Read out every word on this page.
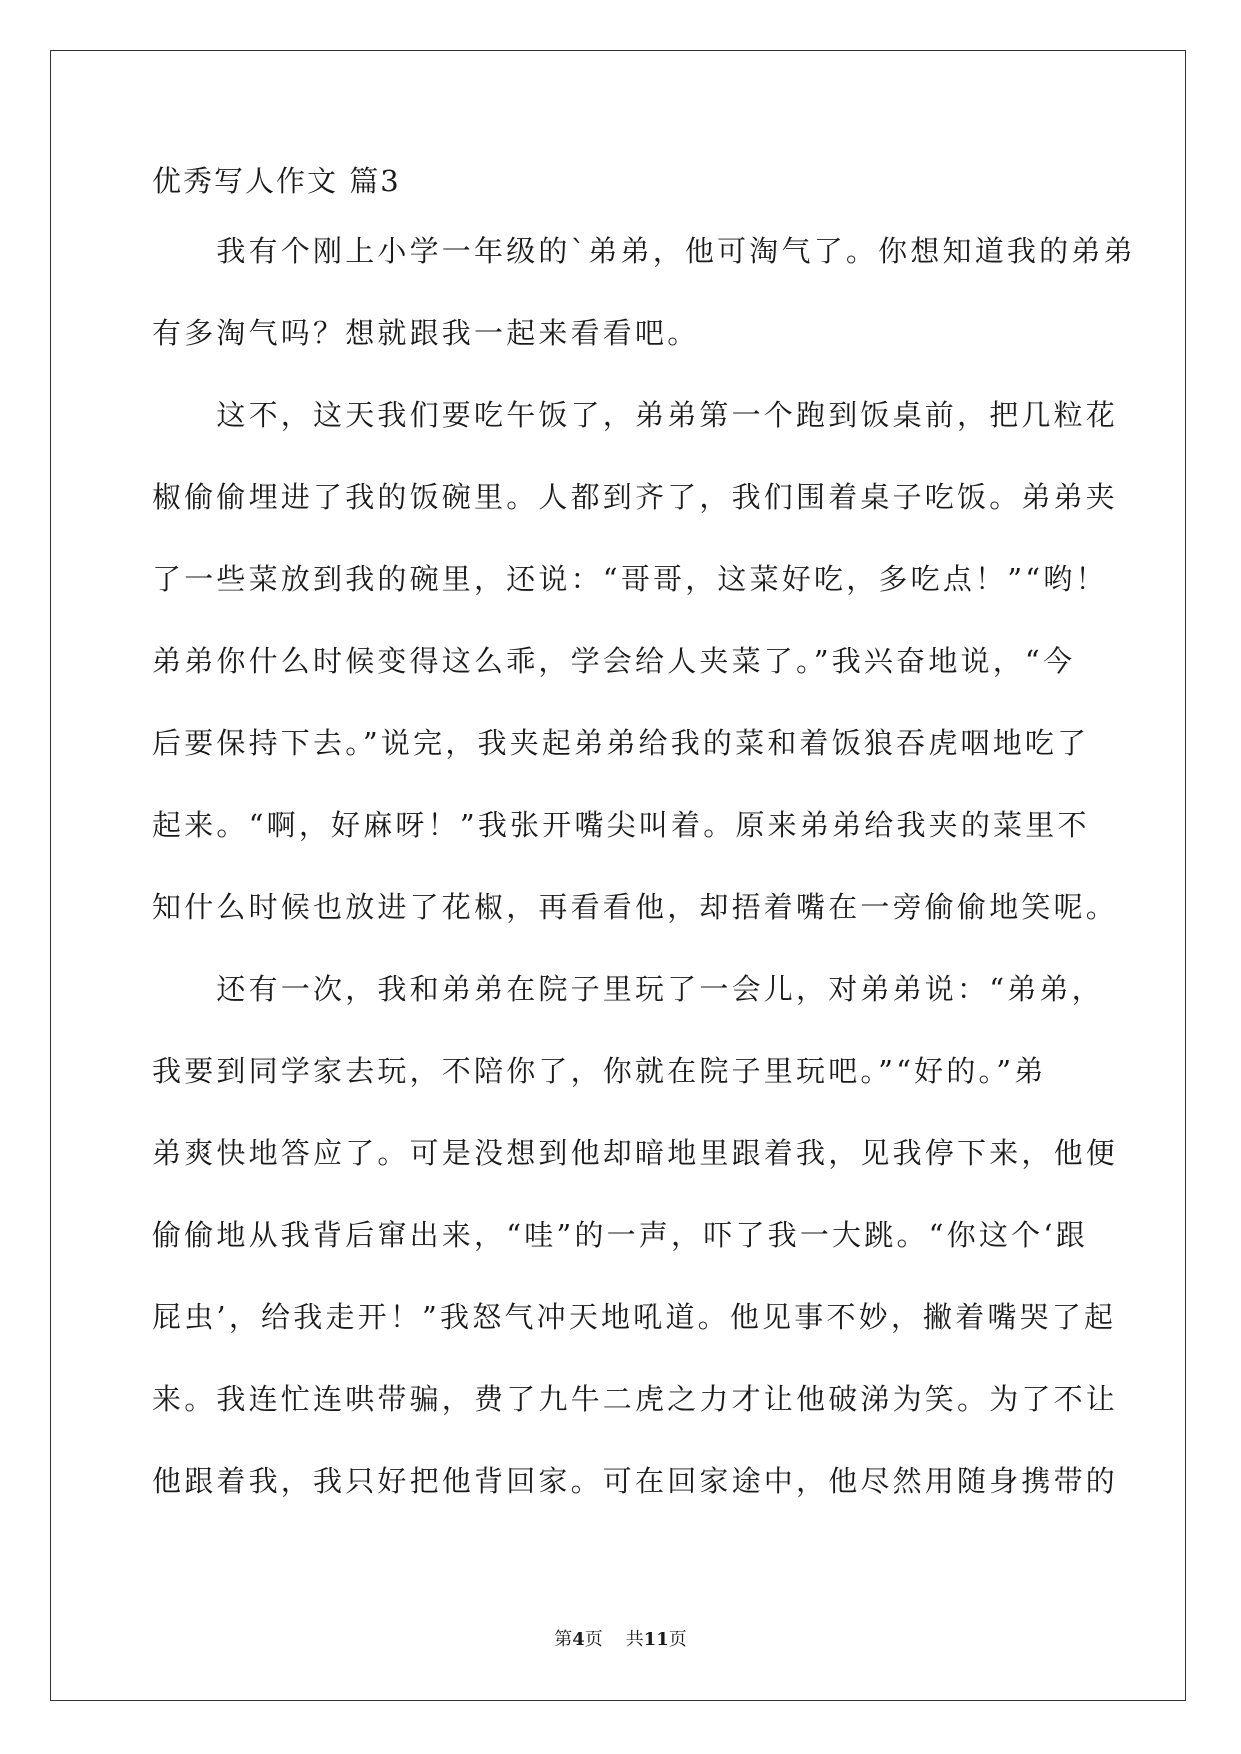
优秀写人作文 篇3
　　我有个刚上小学一年级的`弟弟，他可淘气了。你想知道我的弟弟
有多淘气吗？想就跟我一起来看看吧。
　　这不，这天我们要吃午饭了，弟弟第一个跑到饭桌前，把几粒花
椒偷偷埋进了我的饭碗里。人都到齐了，我们围着桌子吃饭。弟弟夹
了一些菜放到我的碗里，还说：“哥哥，这菜好吃，多吃点！”“哟！
弟弟你什么时候变得这么乖，学会给人夹菜了。”我兴奋地说，“今
后要保持下去。”说完，我夹起弟弟给我的菜和着饭狼吞虎咽地吃了
起来。“啊，好麻呀！”我张开嘴尖叫着。原来弟弟给我夹的菜里不
知什么时候也放进了花椒，再看看他，却捂着嘴在一旁偷偷地笑呢。
　　还有一次，我和弟弟在院子里玩了一会儿，对弟弟说：“弟弟，
我要到同学家去玩，不陪你了，你就在院子里玩吧。”“好的。”弟
弟爽快地答应了。可是没想到他却暗地里跟着我，见我停下来，他便
偷偷地从我背后窜出来，“哇”的一声，吓了我一大跳。“你这个‘跟
屁虫’，给我走开！”我怒气冲天地吼道。他见事不妙，撇着嘴哭了起
来。我连忙连哄带骗，费了九牛二虎之力才让他破涕为笑。为了不让
他跟着我，我只好把他背回家。可在回家途中，他尽然用随身携带的
第4页 共11页
